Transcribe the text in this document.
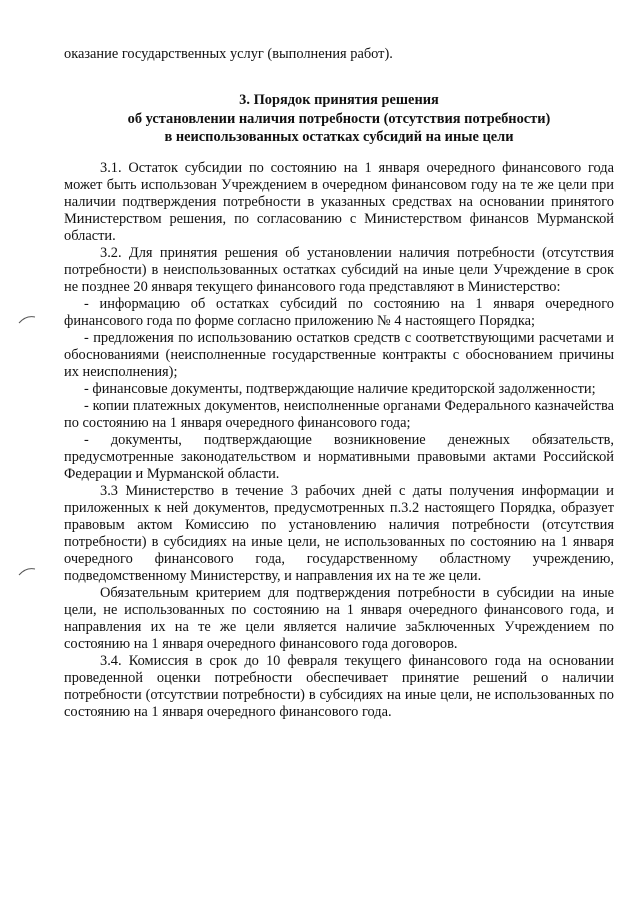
оказание государственных услуг (выполнения работ).
3. Порядок принятия решения
об установлении наличия потребности (отсутствия потребности)
в неиспользованных остатках субсидий на иные цели

3.1. Остаток субсидии по состоянию на 1 января очередного финансового года может быть использован Учреждением в очередном финансовом году на те же цели при наличии подтверждения потребности в указанных средствах на основании принятого Министерством решения, по согласованию с Министерством финансов Мурманской области.

3.2. Для принятия решения об установлении наличия потребности (отсутствия потребности) в неиспользованных остатках субсидий на иные цели Учреждение в срок не позднее 20 января текущего финансового года представляют в Министерство:

- информацию об остатках субсидий по состоянию на 1 января очередного финансового года по форме согласно приложению № 4 настоящего Порядка;

- предложения по использованию остатков средств с соответствующими расчетами и обоснованиями (неисполненные государственные контракты с обоснованием причины их неисполнения);

- финансовые документы, подтверждающие наличие кредиторской задолженности;

- копии платежных документов, неисполненные органами Федерального казначейства по состоянию на 1 января очередного финансового года;

- документы, подтверждающие возникновение денежных обязательств, предусмотренные законодательством и нормативными правовыми актами Российской Федерации и Мурманской области.

3.3 Министерство в течение 3 рабочих дней с даты получения информации и приложенных к ней документов, предусмотренных п.3.2 настоящего Порядка, образует правовым актом Комиссию по установлению наличия потребности (отсутствия потребности) в субсидиях на иные цели, не использованных по состоянию на 1 января очередного финансового года, государственному областному учреждению, подведомственному Министерству, и направления их на те же цели.

Обязательным критерием для подтверждения потребности в субсидии на иные цели, не использованных по состоянию на 1 января очередного финансового года, и направления их на те же цели является наличие за5ключенных Учреждением по состоянию на 1 января очередного финансового года договоров.

3.4. Комиссия в срок до 10 февраля текущего финансового года на основании проведенной оценки потребности обеспечивает принятие решений о наличии потребности (отсутствии потребности) в субсидиях на иные цели, не использованных по состоянию на 1 января очередного финансового года.
